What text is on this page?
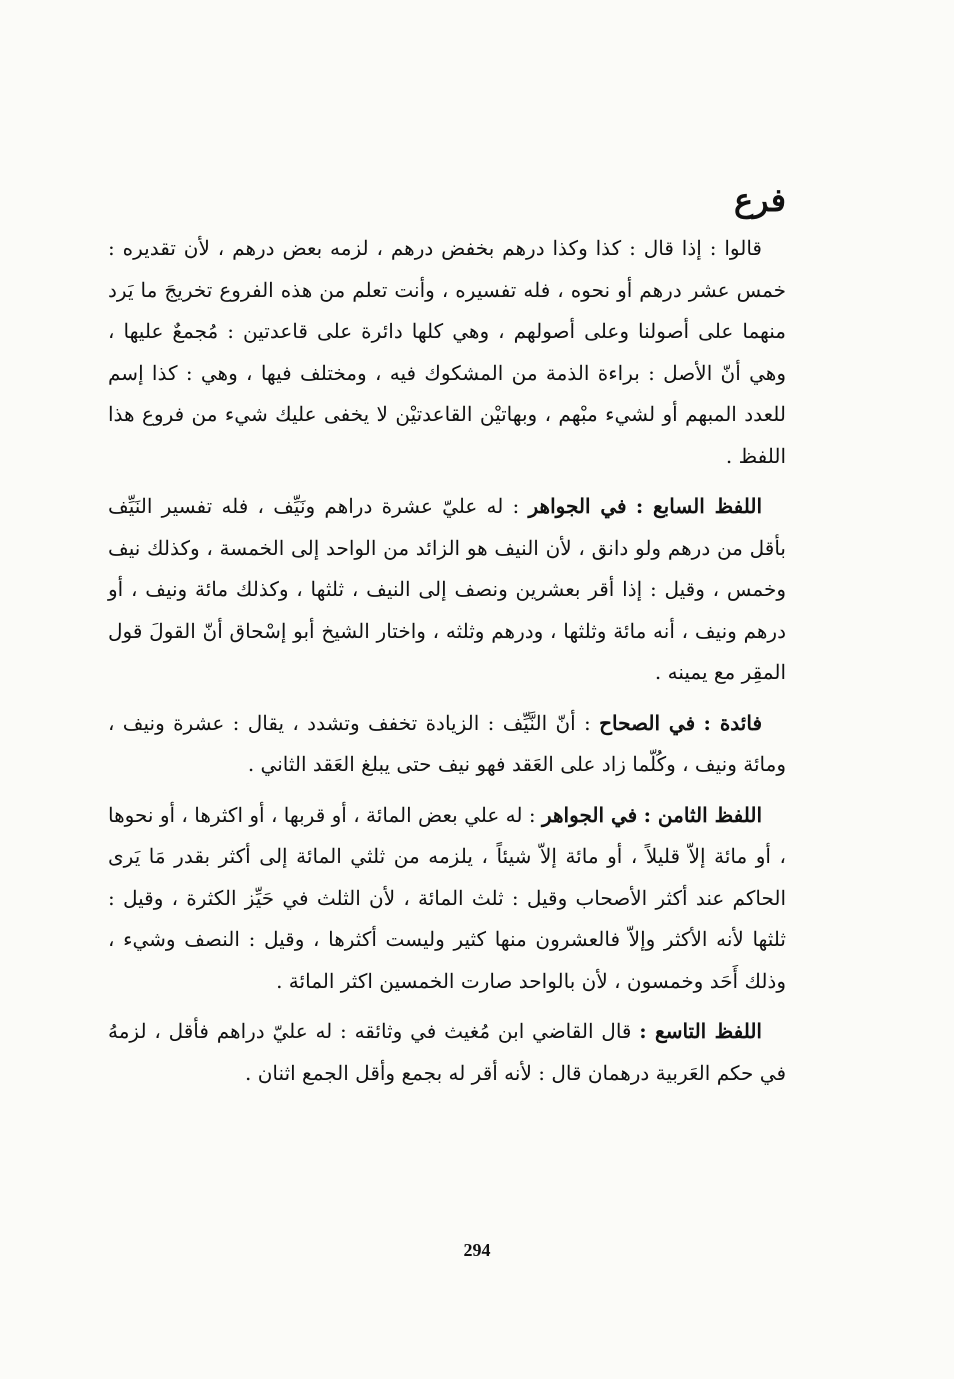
فرع

قالوا : إذا قال : كذا وكذا درهم بخفض درهم ، لزمه بعض درهم ، لأن تقديره : خمس عشر درهم أو نحوه ، فله تفسيره ، وأنت تعلم من هذه الفروع تخريجَ ما يَرد منهما على أصولنا وعلى أصولهم ، وهي كلها دائرة على قاعدتين : مُجمعٌ عليها ، وهي أنّ الأصل : براءة الذمة من المشكوك فيه ، ومختلف فيها ، وهي : كذا إسم للعدد المبهم أو لشيء مبْهم ، وبهاتيْن القاعدتيْن لا يخفى عليك شيء من فروع هذا اللفظ .

اللفظ السابع : في الجواهر : له عليّ عشرة دراهم ونَيِّف ، فله تفسير النَيِّف بأقل من درهم ولو دانق ، لأن النيف هو الزائد من الواحد إلى الخمسة ، وكذلك نيف وخمس ، وقيل : إذا أقر بعشرين ونصف إلى النيف ، ثلثها ، وكذلك مائة ونيف ، أو درهم ونيف ، أنه مائة وثلثها ، ودرهم وثلثه ، واختار الشيخ أبو إسْحاق أنّ القولَ قول المقِر مع يمينه .

فائدة : في الصحاح : أنّ النَّيِّف : الزيادة تخفف وتشدد ، يقال : عشرة ونيف ، ومائة ونيف ، وكُلّما زاد على العَقد فهو نيف حتى يبلغ العَقد الثاني .

اللفظ الثامن : في الجواهر : له علي بعض المائة ، أو قربها ، أو اكثرها ، أو نحوها ، أو مائة إلاّ قليلاً ، أو مائة إلاّ شيئاً ، يلزمه من ثلثي المائة إلى أكثر بقدر مَا يَرى الحاكم عند أكثر الأصحاب وقيل : ثلث المائة ، لأن الثلث في حَيِّز الكثرة ، وقيل : ثلثها لأنه الأكثر وإلاّ فالعشرون منها كثير وليست أكثرها ، وقيل : النصف وشيء ، وذلك أَحَد وخمسون ، لأن بالواحد صارت الخمسين اكثر المائة .

اللفظ التاسع : قال القاضي ابن مُغيث في وثائقه : له عليّ دراهم فأقل ، لزمهُ في حكم العَربية درهمان قال : لأنه أقر له بجمع وأقل الجمع اثنان .

294
